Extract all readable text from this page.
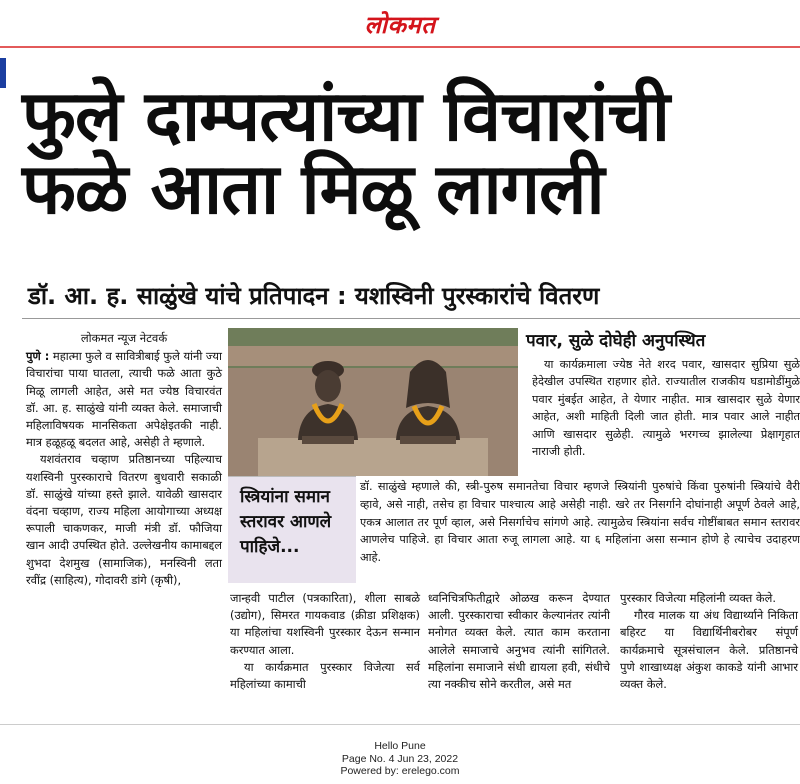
लोकमत
फुले दाम्पत्यांच्या विचारांची
फळे आता मिळू लागली
डॉ. आ. ह. साळुंखे यांचे प्रतिपादन : यशस्विनी पुरस्कारांचे वितरण
लोकमत न्यूज नेटवर्क

पुणे : महात्मा फुले व सावित्रीबाई फुले यांनी ज्या विचारांचा पाया घातला, त्याची फळे आता कुठे मिळू लागली आहेत, असे मत ज्येष्ठ विचारवंत डॉ. आ. ह. साळुंखे यांनी व्यक्त केले. समाजाची महिलाविषयक मानसिकता अपेक्षेइतकी नाही. मात्र हळूहळू बदलत आहे, असेही ते म्हणाले.

यशवंतराव चव्हाण प्रतिष्ठानच्या पहिल्याच यशस्विनी पुरस्काराचे वितरण बुधवारी सकाळी डॉ. साळुंखे यांच्या हस्ते झाले. यावेळी खासदार वंदना चव्हाण, राज्य महिला आयोगाच्या अध्यक्ष रूपाली चाकणकर, माजी मंत्री डॉ. फौजिया खान आदी उपस्थित होते. उल्लेखनीय कामाबद्दल शुभदा देशमुख (सामाजिक), मनस्विनी लता रवींद्र (साहित्य), गोदावरी डांगे (कृषी),

पवार, सुळे दोघेही अनुपस्थित

या कार्यक्रमाला ज्येष्ठ नेते शरद पवार, खासदार सुप्रिया सुळे हेदेखील उपस्थित राहणार होते. राज्यातील राजकीय घडामोडींमुळे पवार मुंबईत आहेत, ते येणार नाहीत. मात्र खासदार सुळे येणार आहेत, अशी माहिती दिली जात होती. मात्र पवार आले नाहीत आणि खासदार सुळेही. त्यामुळे भरगच्च झालेल्या प्रेक्षागृहात नाराजी होती.

स्त्रियांना समान स्तरावर आणले पाहिजे...

डॉ. साळुंखे म्हणाले की, स्त्री-पुरुष समानतेचा विचार म्हणजे स्त्रियांनी पुरुषांचे किंवा पुरुषांनी स्त्रियांचे वैरी व्हावे, असे नाही, तसेच हा विचार पाश्चात्य आहे असेही नाही. खरे तर निसर्गाने दोघांनाही अपूर्ण ठेवले आहे, एकत्र आलात तर पूर्ण व्हाल, असे निसर्गाचेच सांगणे आहे. त्यामुळेच स्त्रियांना सर्वच गोष्टींबाबत समान स्तरावर आणलेच पाहिजे. हा विचार आता रुजू लागला आहे. या ६ महिलांना असा सन्मान होणे हे त्याचेच उदाहरण आहे.

जान्हवी पाटील (पत्रकारिता), शीला साबळे (उद्योग), सिमरत गायकवाड (क्रीडा प्रशिक्षक) या महिलांचा यशस्विनी पुरस्कार देऊन सन्मान करण्यात आला.

या कार्यक्रमात पुरस्कार विजेत्या सर्व महिलांच्या कामाची

ध्वनिचित्रफितीद्वारे ओळख करून देण्यात आली. पुरस्काराचा स्वीकार केल्यानंतर त्यांनी मनोगत व्यक्त केले. त्यात काम करताना आलेले समाजाचे अनुभव त्यांनी सांगितले. महिलांना समाजाने संधी द्यायला हवी, संधीचे त्या नक्कीच सोने करतील, असे मत

पुरस्कार विजेत्या महिलांनी व्यक्त केले.

गौरव मालक या अंध विद्यार्थ्याने निकिता बहिरट या विद्यार्थिनीबरोबर संपूर्ण कार्यक्रमाचे सूत्रसंचालन केले. प्रतिष्ठानचे पुणे शाखाध्यक्ष अंकुश काकडे यांनी आभार व्यक्त केले.

Hello Pune
Page No. 4 Jun 23, 2022
Powered by: erelego.com
